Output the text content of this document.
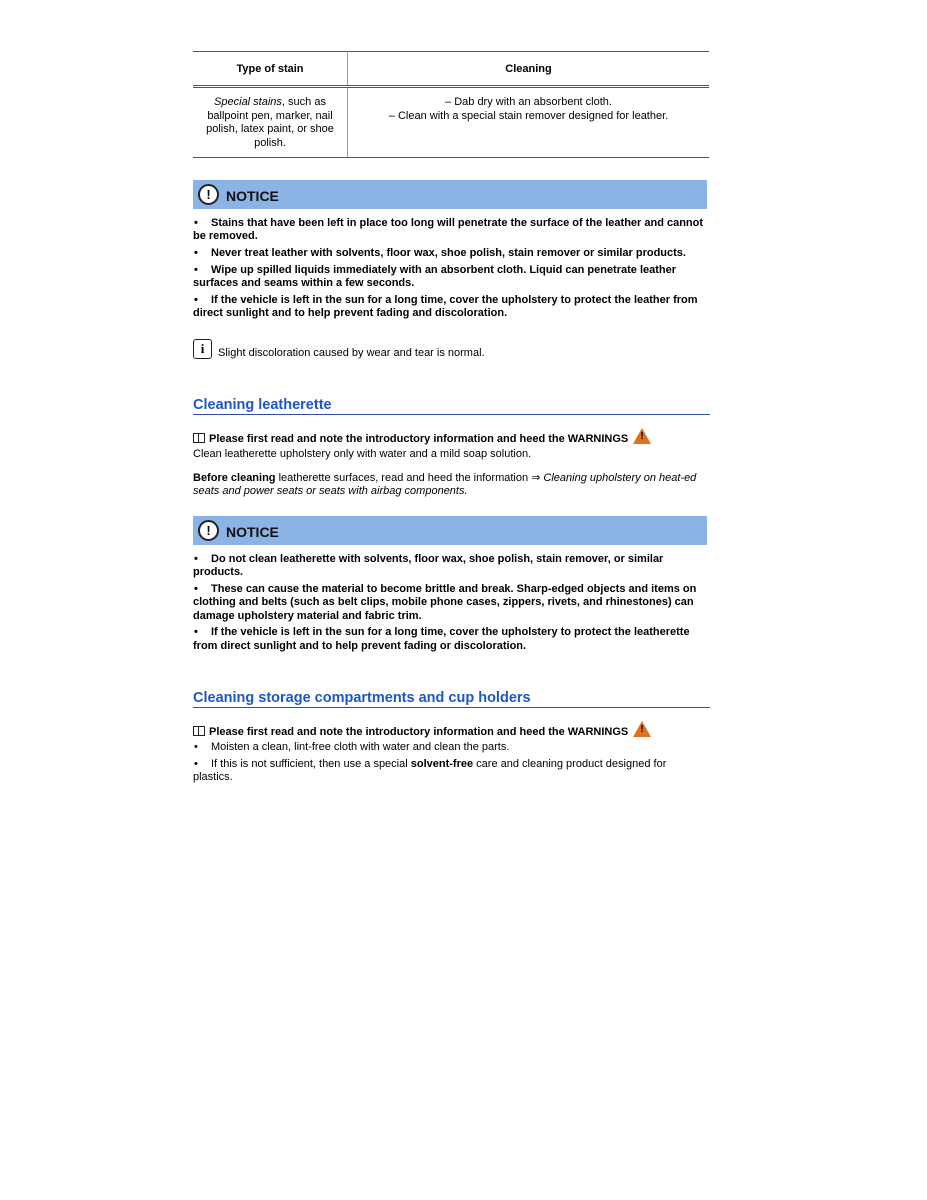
Type of stain	Cleaning
Special stains, such as ballpoint pen, marker, nail polish, latex paint, or shoe polish.	– Dab dry with an absorbent cloth.
– Clean with a special stain remover designed for leather.
!	NOTICE
• Stains that have been left in place too long will penetrate the surface of the leather and cannot be removed.
• Never treat leather with solvents, floor wax, shoe polish, stain remover or similar products.
• Wipe up spilled liquids immediately with an absorbent cloth. Liquid can penetrate leather surfaces and seams within a few seconds.
• If the vehicle is left in the sun for a long time, cover the upholstery to protect the leather from direct sunlight and to help prevent fading and discoloration.
i	Slight discoloration caused by wear and tear is normal.
Cleaning leatherette
Please first read and note the introductory information and heed the WARNINGS !
Clean leatherette upholstery only with water and a mild soap solution.
Before cleaning leatherette surfaces, read and heed the information ⇒ Cleaning upholstery on heat-ed seats and power seats or seats with airbag components.
!	NOTICE
• Do not clean leatherette with solvents, floor wax, shoe polish, stain remover, or similar products.
• These can cause the material to become brittle and break. Sharp-edged objects and items on clothing and belts (such as belt clips, mobile phone cases, zippers, rivets, and rhinestones) can damage upholstery material and fabric trim.
• If the vehicle is left in the sun for a long time, cover the upholstery to protect the leatherette from direct sunlight and to help prevent fading or discoloration.
Cleaning storage compartments and cup holders
Please first read and note the introductory information and heed the WARNINGS !
• Moisten a clean, lint-free cloth with water and clean the parts.
• If this is not sufficient, then use a special solvent-free care and cleaning product designed for plastics.
